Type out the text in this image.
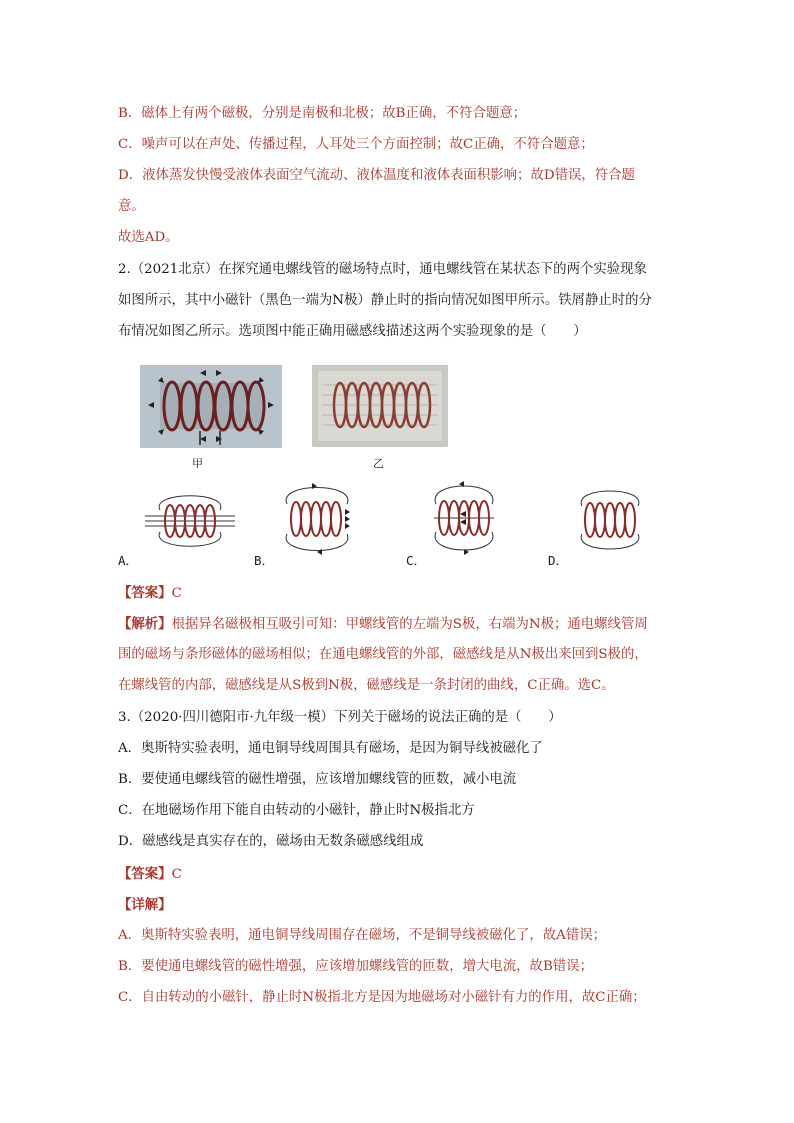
B．磁体上有两个磁极，分别是南极和北极；故B正确，不符合题意；
C．噪声可以在声处、传播过程，人耳处三个方面控制；故C正确，不符合题意；
D．液体蒸发快慢受液体表面空气流动、液体温度和液体表面积影响；故D错误，符合题
意。
故选AD。
2.（2021北京）在探究通电螺线管的磁场特点时，通电螺线管在某状态下的两个实验现象
如图所示，其中小磁针（黑色一端为N极）静止时的指向情况如图甲所示。铁屑静止时的分
布情况如图乙所示。选项图中能正确用磁感线描述这两个实验现象的是（　　）
甲	乙
A．	B．	C．	D．
【答案】C
【解析】根据异名磁极相互吸引可知：甲螺线管的左端为S极，右端为N极；通电螺线管周
围的磁场与条形磁体的磁场相似；在通电螺线管的外部，磁感线是从N极出来回到S极的，
在螺线管的内部，磁感线是从S极到N极，磁感线是一条封闭的曲线，C正确。选C。
3.（2020·四川德阳市·九年级一模）下列关于磁场的说法正确的是（　　）
A．奥斯特实验表明，通电铜导线周围具有磁场，是因为铜导线被磁化了
B．要使通电螺线管的磁性增强，应该增加螺线管的匝数，减小电流
C．在地磁场作用下能自由转动的小磁针，静止时N极指北方
D．磁感线是真实存在的，磁场由无数条磁感线组成
【答案】C
【详解】
A．奥斯特实验表明，通电铜导线周围存在磁场，不是铜导线被磁化了，故A错误；
B．要使通电螺线管的磁性增强，应该增加螺线管的匝数，增大电流，故B错误；
C．自由转动的小磁针，静止时N极指北方是因为地磁场对小磁针有力的作用，故C正确；
